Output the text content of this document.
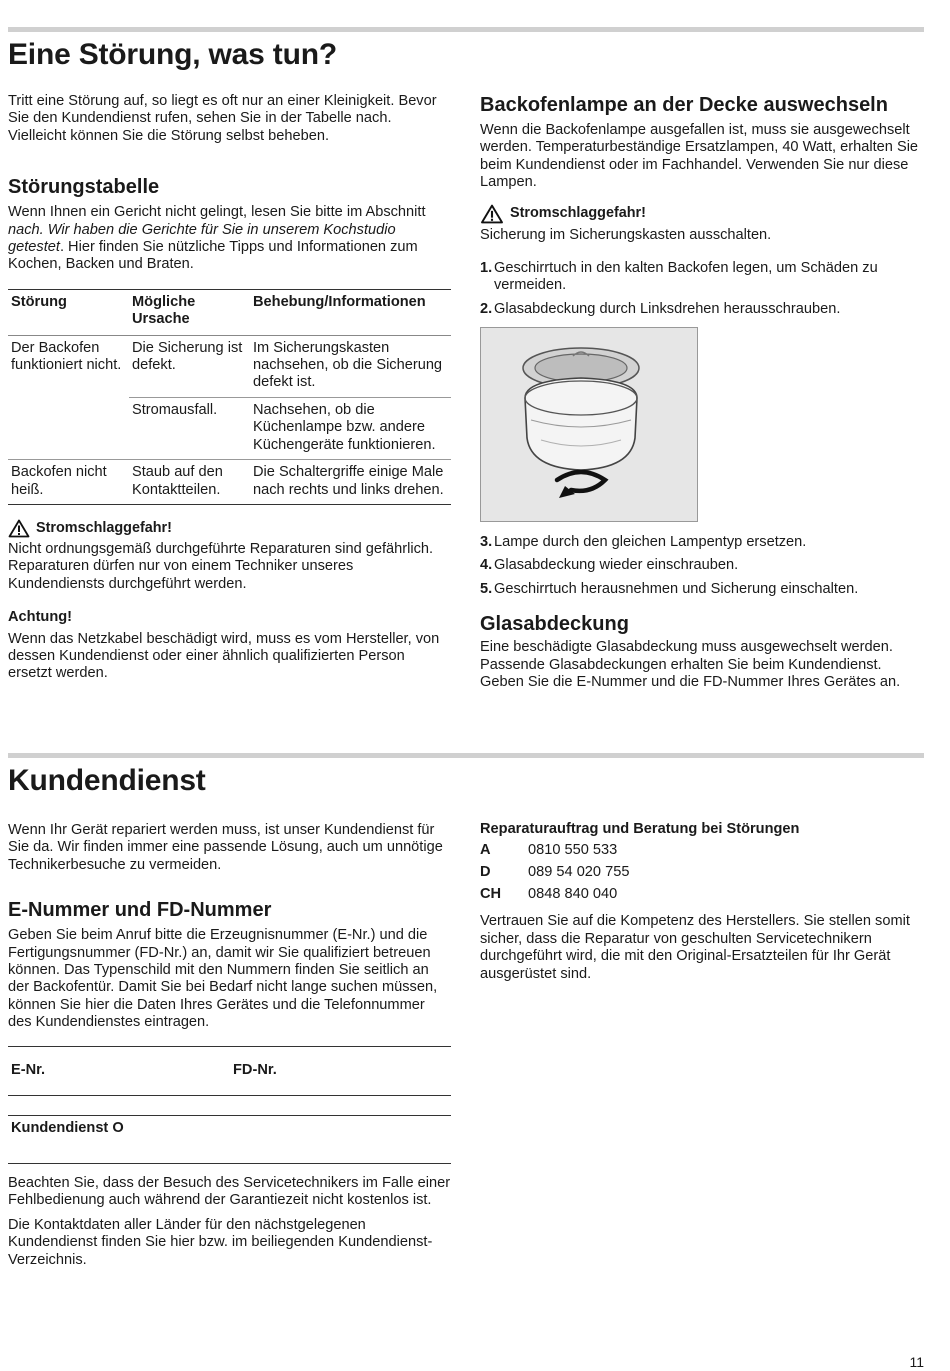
Eine Störung, was tun?

Tritt eine Störung auf, so liegt es oft nur an einer Kleinigkeit. Bevor Sie den Kundendienst rufen, sehen Sie in der Tabelle nach. Vielleicht können Sie die Störung selbst beheben.

Störungstabelle

Wenn Ihnen ein Gericht nicht gelingt, lesen Sie bitte im Abschnitt nach. Wir haben die Gerichte für Sie in unserem Kochstudio getestet. Hier finden Sie nützliche Tipps und Informationen zum Kochen, Backen und Braten.

Störung	Mögliche Ursache	Behebung/Informationen
Der Backofen funktioniert nicht.	Die Sicherung ist defekt.	Im Sicherungskasten nachsehen, ob die Sicherung defekt ist.
	Stromausfall.	Nachsehen, ob die Küchenlampe bzw. andere Küchengeräte funktionieren.
Backofen nicht heiß.	Staub auf den Kontaktteilen.	Die Schaltergriffe einige Male nach rechts und links drehen.
Stromschlaggefahr!

Nicht ordnungsgemäß durchgeführte Reparaturen sind gefährlich. Reparaturen dürfen nur von einem Techniker unseres Kundendiensts durchgeführt werden.

Achtung!

Wenn das Netzkabel beschädigt wird, muss es vom Hersteller, von dessen Kundendienst oder einer ähnlich qualifizierten Person ersetzt werden.

Backofenlampe an der Decke auswechseln

Wenn die Backofenlampe ausgefallen ist, muss sie ausgewechselt werden. Temperaturbeständige Ersatzlampen, 40 Watt, erhalten Sie beim Kundendienst oder im Fachhandel. Verwenden Sie nur diese Lampen.

Stromschlaggefahr!

Sicherung im Sicherungskasten ausschalten.

1. Geschirrtuch in den kalten Backofen legen, um Schäden zu vermeiden.
2. Glasabdeckung durch Linksdrehen herausschrauben.
3. Lampe durch den gleichen Lampentyp ersetzen.
4. Glasabdeckung wieder einschrauben.
5. Geschirrtuch herausnehmen und Sicherung einschalten.
Glasabdeckung

Eine beschädigte Glasabdeckung muss ausgewechselt werden. Passende Glasabdeckungen erhalten Sie beim Kundendienst. Geben Sie die E-Nummer und die FD-Nummer Ihres Gerätes an.

Kundendienst

Wenn Ihr Gerät repariert werden muss, ist unser Kundendienst für Sie da. Wir finden immer eine passende Lösung, auch um unnötige Technikerbesuche zu vermeiden.

E-Nummer und FD-Nummer

Geben Sie beim Anruf bitte die Erzeugnisnummer (E-Nr.) und die Fertigungsnummer (FD-Nr.) an, damit wir Sie qualifiziert betreuen können. Das Typenschild mit den Nummern finden Sie seitlich an der Backofentür. Damit Sie bei Bedarf nicht lange suchen müssen, können Sie hier die Daten Ihres Gerätes und die Telefonnummer des Kundendienstes eintragen.

E-Nr.	FD-Nr.
Kundendienst O

Beachten Sie, dass der Besuch des Servicetechnikers im Falle einer Fehlbedienung auch während der Garantiezeit nicht kostenlos ist.

Die Kontaktdaten aller Länder für den nächstgelegenen Kundendienst finden Sie hier bzw. im beiliegenden Kundendienst-Verzeichnis.

Reparaturauftrag und Beratung bei Störungen

A	0810 550 533
D	089 54 020 755
CH	0848 840 040

Vertrauen Sie auf die Kompetenz des Herstellers. Sie stellen somit sicher, dass die Reparatur von geschulten Servicetechnikern durchgeführt wird, die mit den Original-Ersatzteilen für Ihr Gerät ausgerüstet sind.

11
